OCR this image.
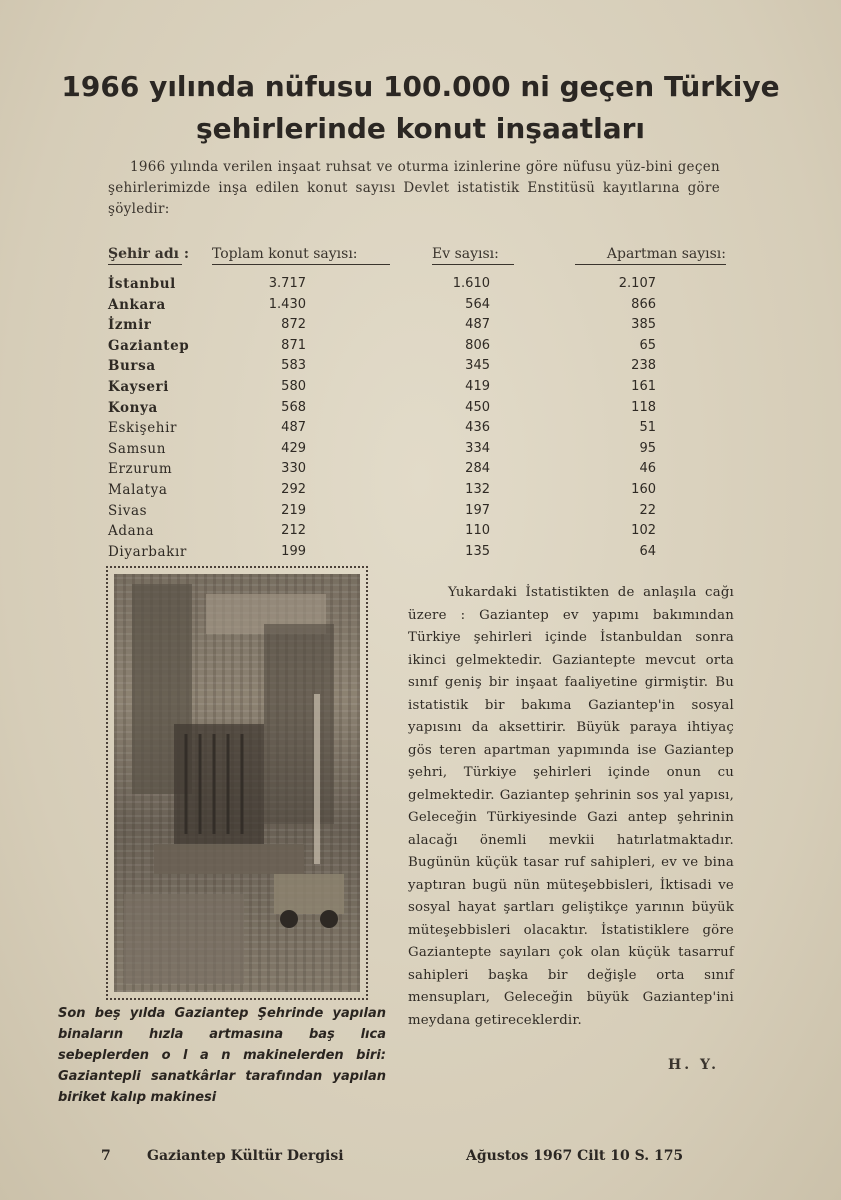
1966 yılında nüfusu 100.000 ni geçen Türkiye
şehirlerinde konut inşaatları

1966 yılında verilen inşaat ruhsat ve oturma izinlerine göre nüfusu yüz-bini geçen şehirlerimizde inşa edilen konut sayısı Devlet istatistik Enstitüsü kayıtlarına göre şöyledir:

Şehir adı : Toplam konut sayısı:	Ev sayısı:	Apartman sayısı:
İstanbul	3.717	1.610	2.107
Ankara	1.430	564	866
İzmir	872	487	385
Gaziantep	871	806	65
Bursa	583	345	238
Kayseri	580	419	161
Konya	568	450	118
Eskişehir	487	436	51
Samsun	429	334	95
Erzurum	330	284	46
Malatya	292	132	160
Sivas	219	197	22
Adana	212	110	102
Diyarbakır	199	135	64

Son beş yılda Gaziantep Şehrinde yapılan binaların hızla artmasına baş lıca sebeplerden o l a n makinelerden biri: Gaziantepli sanatkârlar tarafından yapılan biriket kalıp makinesi

Yukardaki İstatistikten de anlaşıla cağı üzere : Gaziantep ev yapımı bakımından Türkiye şehirleri içinde İstanbuldan sonra ikinci gelmektedir. Gaziantepte mevcut orta sınıf geniş bir inşaat faaliyetine girmiştir. Bu istatistik bir bakıma Gaziantep'in sosyal yapısını da aksettirir. Büyük paraya ihtiyaç gös teren apartman yapımında ise Gaziantep şehri, Türkiye şehirleri içinde onun cu gelmektedir. Gaziantep şehrinin sos yal yapısı, Geleceğin Türkiyesinde Gazi antep şehrinin alacağı önemli mevkii hatırlatmaktadır. Bugünün küçük tasar ruf sahipleri, ev ve bina yaptıran bugü nün müteşebbisleri, İktisadi ve sosyal hayat şartları geliştikçe yarının büyük müteşebbisleri olacaktır. İstatistiklere göre Gaziantepte sayıları çok olan küçük tasarruf sahipleri başka bir değişle orta sınıf mensupları, Geleceğin büyük Gaziantep'ini meydana getireceklerdir.

H. Y.
7	Gaziantep Kültür Dergisi	Ağustos 1967 Cilt 10 S. 175
